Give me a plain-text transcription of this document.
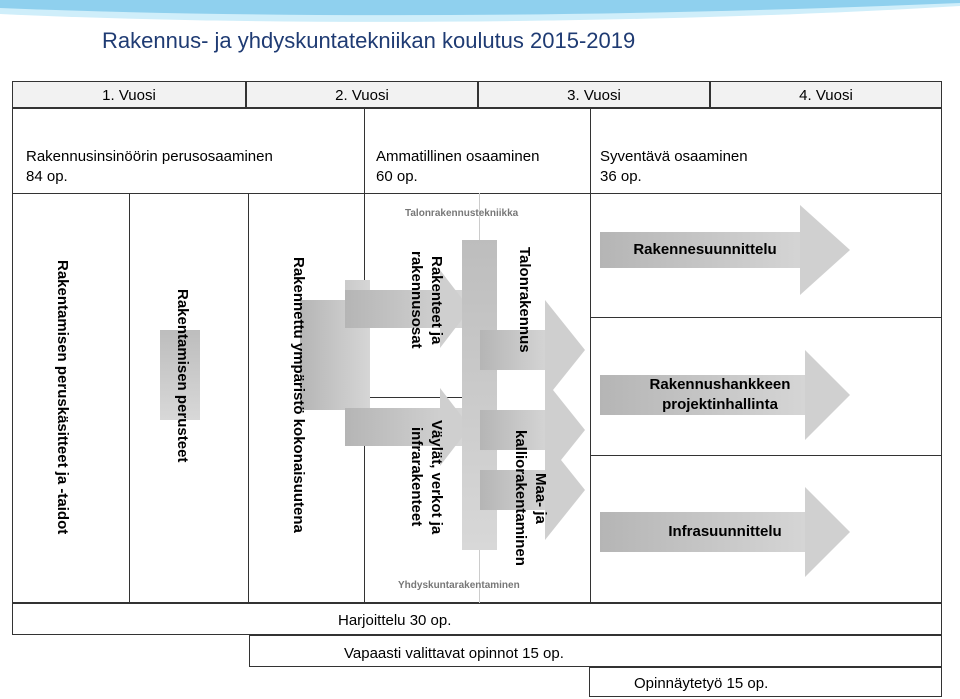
Rakennus- ja yhdyskuntatekniikan koulutus 2015-2019
1. Vuosi	2. Vuosi	3. Vuosi	4. Vuosi
Rakennusinsinöörin perusosaaminen
84 op.
Ammatillinen osaaminen
60 op.
Syventävä osaaminen
36 op.
Rakentamisen peruskäsitteet ja -taidot	Rakentamisen perusteet	Rakennettu ympäristö kokonaisuutena	Rakenteet ja rakennusosat
Väylät, verkot ja infrarakenteet
Talonrakennus
Maa- ja kalliorakentaminen
Talonrakennustekniikka
Yhdyskuntarakentaminen
Rakennesuunnittelu
Rakennushankkeen projektinhallinta
Infrasuunnittelu
Harjoittelu 30 op.
Vapaasti valittavat opinnot 15 op.
Opinnäytetyö 15 op.
